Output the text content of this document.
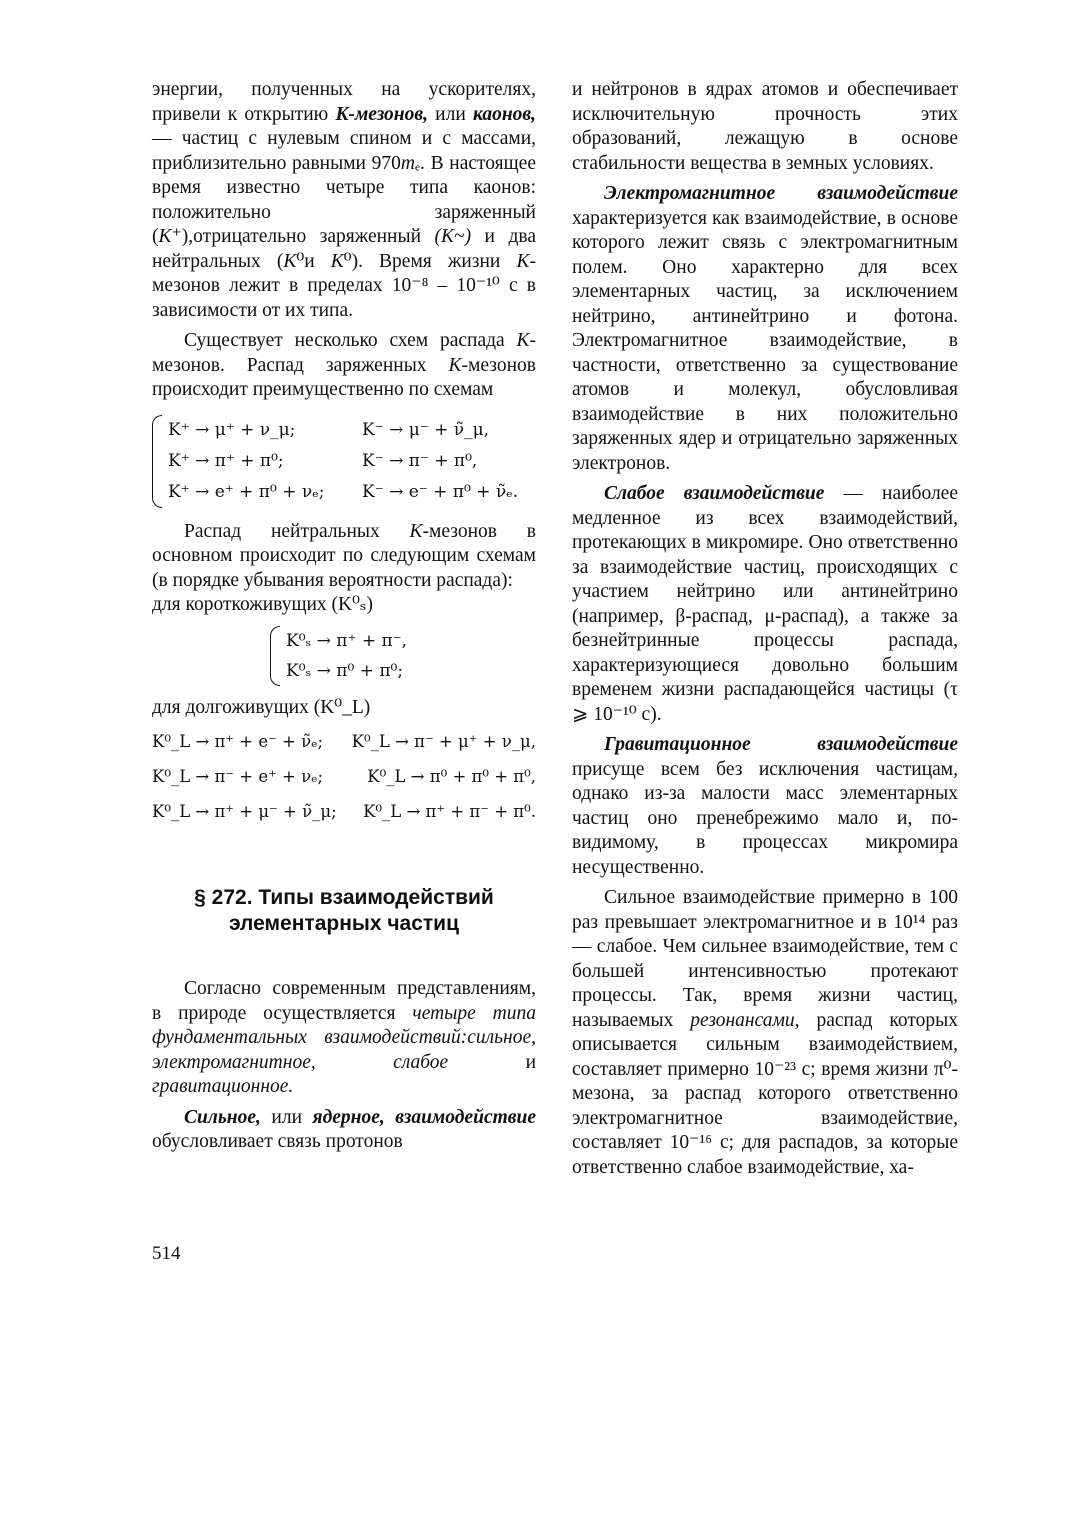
энергии, полученных на ускорителях, привели к открытию K-мезонов, или каонов, — частиц с нулевым спином и с массами, приблизительно равными 970mₑ. В настоящее время известно четыре типа каонов: положительно заряженный (K⁺),отрицательно заряженный (K~) и два нейтральных (K⁰и K⁰). Время жизни K-мезонов лежит в пределах 10⁻⁸ – 10⁻¹⁰ с в зависимости от их типа.

Существует несколько схем распада K-мезонов. Распад заряженных K-мезонов происходит преимущественно по схемам

K⁺ → μ⁺ + ν_μ;	K⁻ → μ⁻ + ν̃_μ,
K⁺ → π⁺ + π⁰;	K⁻ → π⁻ + π⁰,
K⁺ → e⁺ + π⁰ + νₑ;	K⁻ → e⁻ + π⁰ + ν̃ₑ.

Распад нейтральных K-мезонов в основном происходит по следующим схемам (в порядке убывания вероятности распада):

для короткоживущих (K⁰ₛ)

K⁰ₛ → π⁺ + π⁻,
K⁰ₛ → π⁰ + π⁰;

для долгоживущих (K⁰_L)

K⁰_L → π⁺ + e⁻ + ν̃ₑ; K⁰_L → π⁻ + μ⁺ + ν_μ,
K⁰_L → π⁻ + e⁺ + νₑ;	K⁰_L → π⁰ + π⁰ + π⁰,
K⁰_L → π⁺ + μ⁻ + ν̃_μ; K⁰_L → π⁺ + π⁻ + π⁰.
§ 272. Типы взаимодействий
элементарных частиц

Согласно современным представлениям, в природе осуществляется четыре типа фундаментальных взаимодействий:сильное, электромагнитное, слабое и гравитационное.

Сильное, или ядерное, взаимодействие обусловливает связь протонов

и нейтронов в ядрах атомов и обеспечивает исключительную прочность этих образований, лежащую в основе стабильности вещества в земных условиях.

Электромагнитное взаимодействие характеризуется как взаимодействие, в основе которого лежит связь с электромагнитным полем. Оно характерно для всех элементарных частиц, за исключением нейтрино, антинейтрино и фотона. Электромагнитное взаимодействие, в частности, ответственно за существование атомов и молекул, обусловливая взаимодействие в них положительно заряженных ядер и отрицательно заряженных электронов.

Слабое взаимодействие — наиболее медленное из всех взаимодействий, протекающих в микромире. Оно ответственно за взаимодействие частиц, происходящих с участием нейтрино или антинейтрино (например, β-распад, μ-распад), а также за безнейтринные процессы распада, характеризующиеся довольно большим временем жизни распадающейся частицы (τ ⩾ 10⁻¹⁰ с).

Гравитационное взаимодействие присуще всем без исключения частицам, однако из-за малости масс элементарных частиц оно пренебрежимо мало и, по-видимому, в процессах микромира несущественно.

Сильное взаимодействие примерно в 100 раз превышает электромагнитное и в 10¹⁴ раз — слабое. Чем сильнее взаимодействие, тем с большей интенсивностью протекают процессы. Так, время жизни частиц, называемых резонансами, распад которых описывается сильным взаимодействием, составляет примерно 10⁻²³ с; время жизни π⁰-мезона, за распад которого ответственно электромагнитное взаимодействие, составляет 10⁻¹⁶ с; для распадов, за которые ответственно слабое взаимодействие, ха-

514
